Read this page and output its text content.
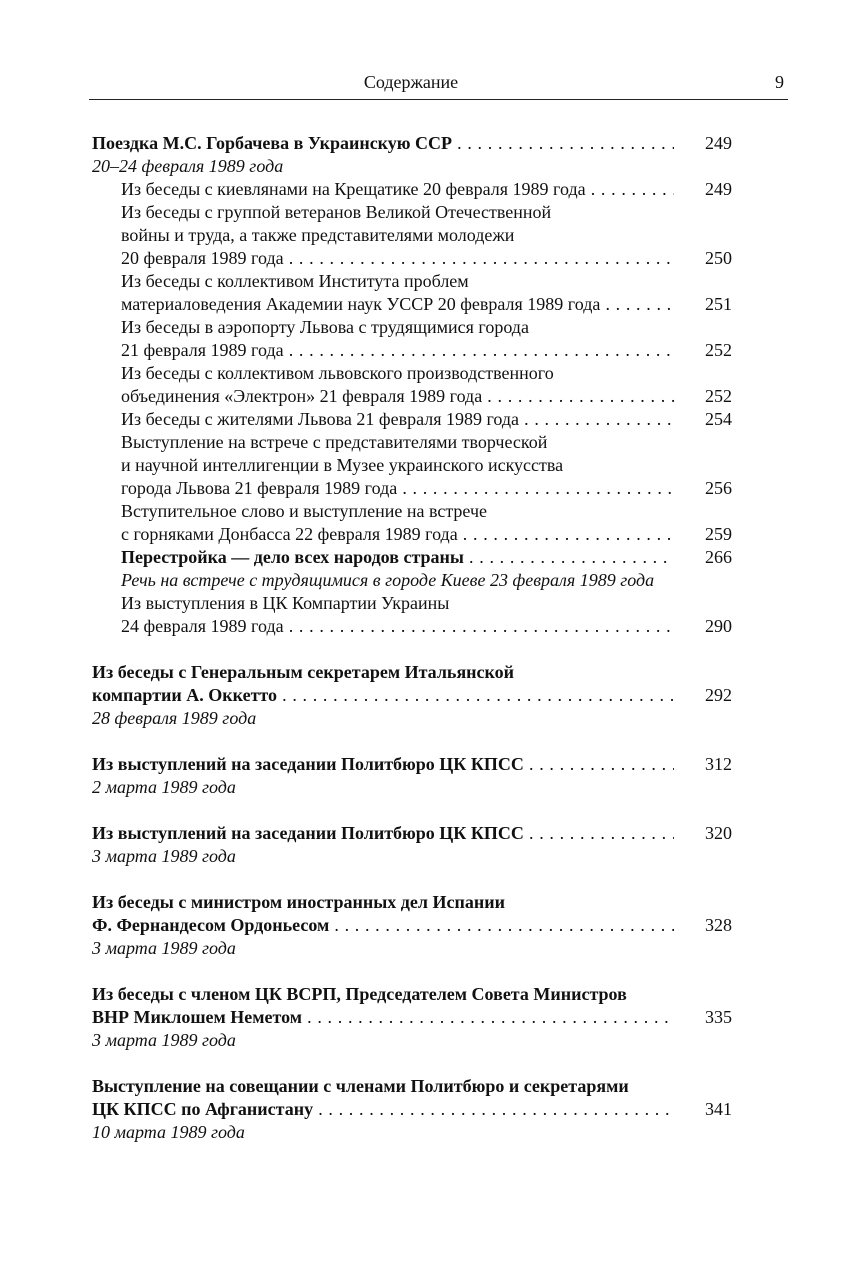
Содержание	9
Поездка М.С. Горбачева в Украинскую ССР . . .	249
20–24 февраля 1989 года
Из беседы с киевлянами на Крещатике 20 февраля 1989 года . . .	249
Из беседы с группой ветеранов Великой Отечественной
войны и труда, а также представителями молодежи
20 февраля 1989 года . . .	250
Из беседы с коллективом Института проблем
материаловедения Академии наук УССР 20 февраля 1989 года . . .	251
Из беседы в аэропорту Львова с трудящимися города
21 февраля 1989 года . . .	252
Из беседы с коллективом львовского производственного
объединения «Электрон» 21 февраля 1989 года . . .	252
Из беседы с жителями Львова 21 февраля 1989 года . . .	254
Выступление на встрече с представителями творческой
и научной интеллигенции в Музее украинского искусства
города Львова 21 февраля 1989 года . . .	256
Вступительное слово и выступление на встрече
с горняками Донбасса 22 февраля 1989 года . . .	259
Перестройка — дело всех народов страны . . .	266
Речь на встрече с трудящимися в городе Киеве 23 февраля 1989 года
Из выступления в ЦК Компартии Украины
24 февраля 1989 года . . .	290
Из беседы с Генеральным секретарем Итальянской
компартии А. Оккетто . . .	292
28 февраля 1989 года
Из выступлений на заседании Политбюро ЦК КПСС . . .	312
2 марта 1989 года
Из выступлений на заседании Политбюро ЦК КПСС . . .	320
3 марта 1989 года
Из беседы с министром иностранных дел Испании
Ф. Фернандесом Ордоньесом . . .	328
3 марта 1989 года
Из беседы с членом ЦК ВСРП, Председателем Совета Министров
ВНР Миклошем Неметом . . .	335
3 марта 1989 года
Выступление на совещании с членами Политбюро и секретарями
ЦК КПСС по Афганистану . . .	341
10 марта 1989 года
